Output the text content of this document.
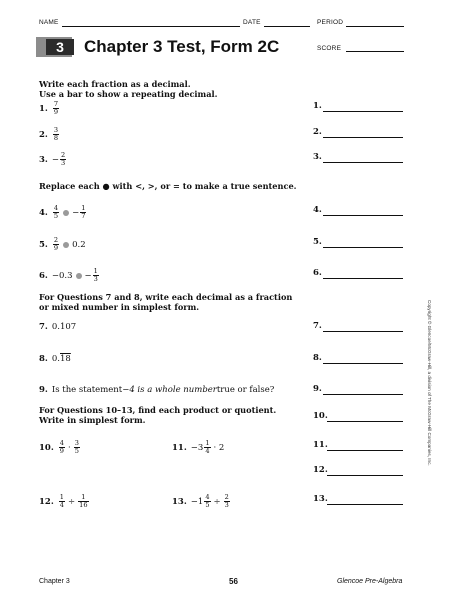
NAME	DATE	PERIOD
3	Chapter 3 Test, Form 2C	SCORE
Write each fraction as a decimal.
Use a bar to show a repeating decimal.
1. $\frac{7}{9}$
2. $\frac{3}{8}$
3. − $\frac{2}{3}$
Replace each ● with <, >, or = to make a true sentence.
4. $\frac{4}{5} - \frac{1}{7}$
5. $\frac{2}{9} 0.2$
6. $-0.3 - \frac{1}{3}$
For Questions 7 and 8, write each decimal as a fraction
or mixed number in simplest form.
7. 0.107
8. 0. 18
9. Is the statement −4 is a whole number true or false?
For Questions 10–13, find each product or quotient.
Write in simplest form.
10. $\frac{4}{9} \cdot \frac{3}{5}$	11. $-3 \frac{1}{4} \cdot 2$
12. $\frac{1}{4} \div \frac{1}{16}$	13. $-1 \frac{4}{5} \div \frac{2}{3}$
1.
2.
3.
4.
5.
6.
7.
8.
9.
10.
11.
12.
13.
Copyright © Glencoe/McGraw-Hill, a division of The McGraw-Hill Companies, Inc.
Chapter 3	56	Glencoe Pre-Algebra
